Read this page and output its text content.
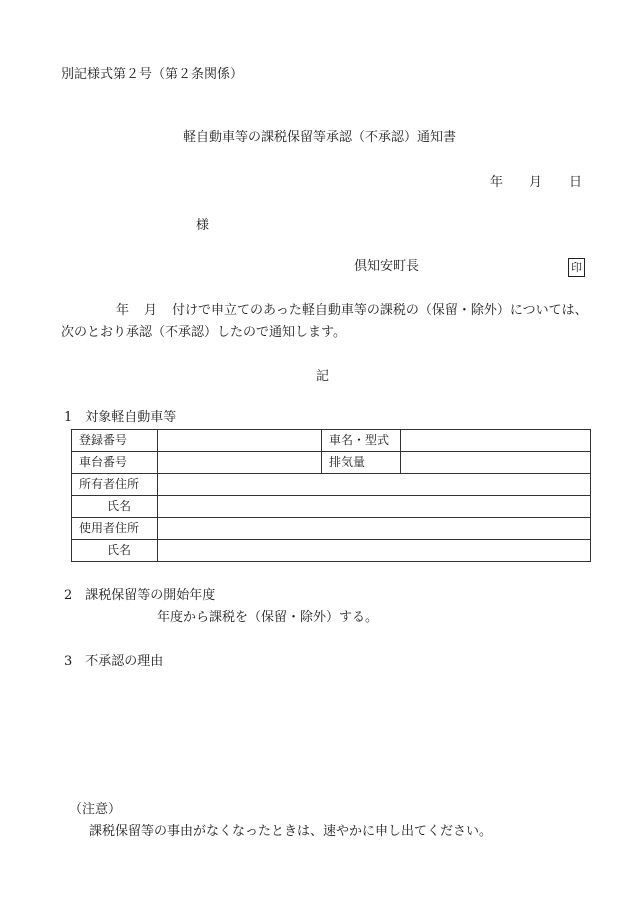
別記様式第２号（第２条関係）
軽自動車等の課税保留等承認（不承認）通知書
年 月 日
様
倶知安町長	印
年 月 付けで申立てのあった軽自動車等の課税の（保留・除外）については、
次のとおり承認（不承認）したので通知します。
記
1　対象軽自動車等
登録番号		車名・型式	
車台番号		排気量	
所有者住所			
氏名			
使用者住所			
氏名			
2　課税保留等の開始年度
年度から課税を（保留・除外）する。
3　不承認の理由
（注意）
課税保留等の事由がなくなったときは、速やかに申し出てください。
